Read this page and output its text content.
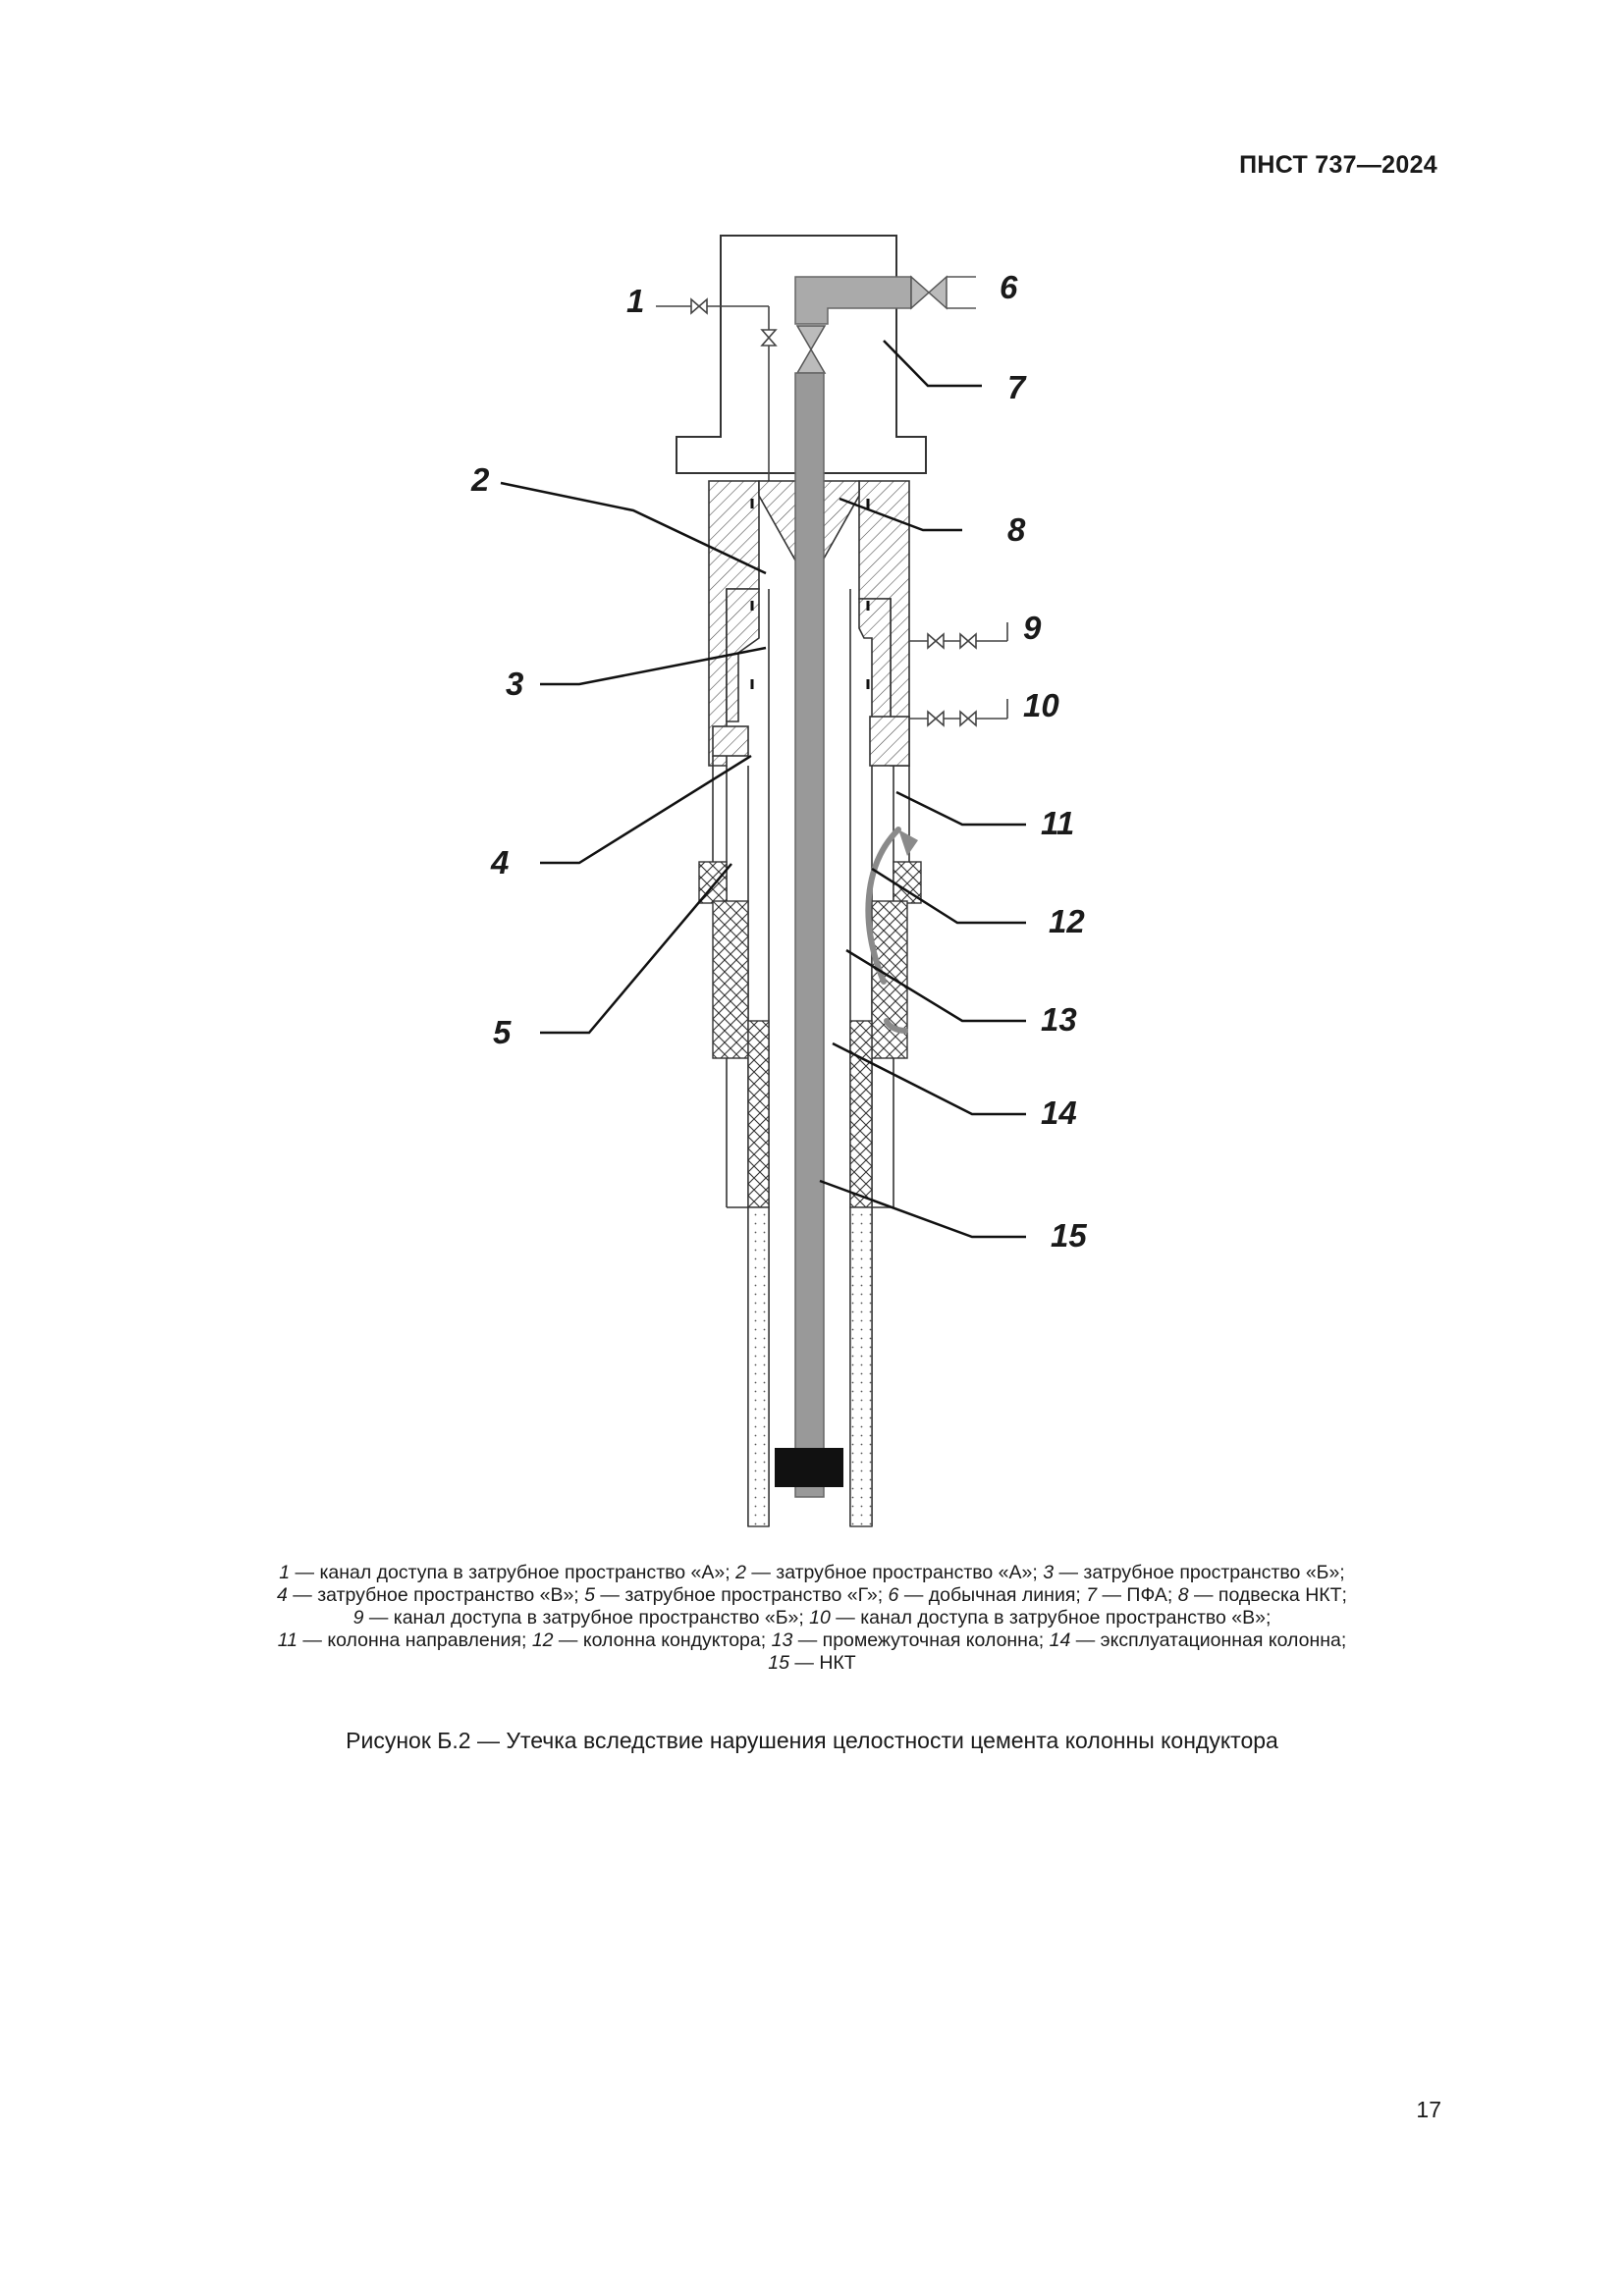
ПНСТ 737—2024
1
2
3
4
5
6
7
8
9
10
11
12
13
14
15
1 — канал доступа в затрубное пространство «А»; 2 — затрубное пространство «А»; 3 — затрубное пространство «Б»;
4 — затрубное пространство «В»; 5 — затрубное пространство «Г»; 6 — добычная линия; 7 — ПФА; 8 — подвеска НКТ;
9 — канал доступа в затрубное пространство «Б»; 10 — канал доступа в затрубное пространство «В»;
11 — колонна направления; 12 — колонна кондуктора; 13 — промежуточная колонна; 14 — эксплуатационная колонна;
15 — НКТ
Рисунок Б.2 — Утечка вследствие нарушения целостности цемента колонны кондуктора
17
